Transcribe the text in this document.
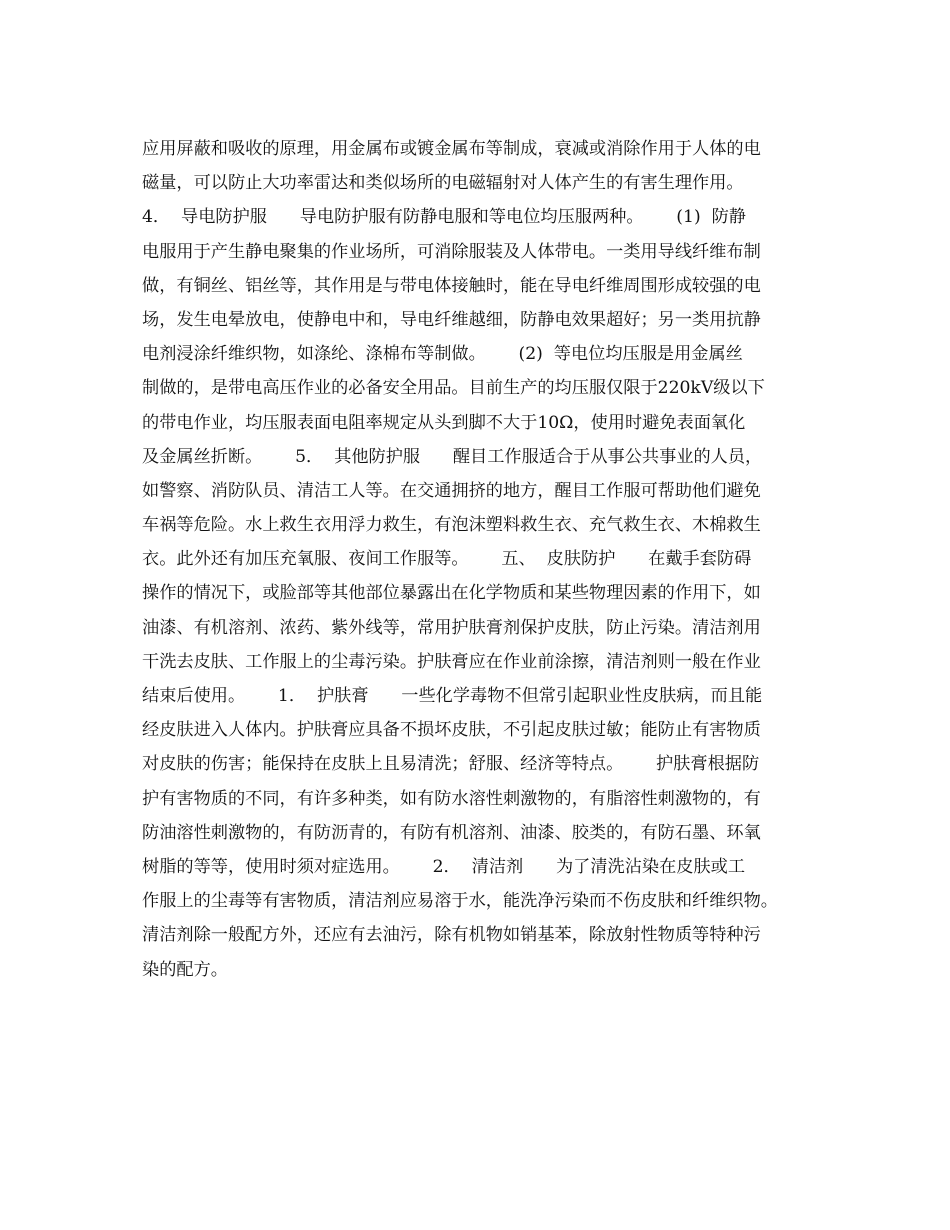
应用屏蔽和吸收的原理，用金属布或镀金属布等制成，衰减或消除作用于人体的电
磁量，可以防止大功率雷达和类似场所的电磁辐射对人体产生的有害生理作用。
4．  导电防护服      导电防护服有防静电服和等电位均压服两种。      (1)  防静
电服用于产生静电聚集的作业场所，可消除服装及人体带电。一类用导线纤维布制
做，有铜丝、铝丝等，其作用是与带电体接触时，能在导电纤维周围形成较强的电
场，发生电晕放电，使静电中和，导电纤维越细，防静电效果超好；另一类用抗静
电剂浸涂纤维织物，如涤纶、涤棉布等制做。      (2)  等电位均压服是用金属丝
制做的，是带电高压作业的必备安全用品。目前生产的均压服仅限于220kV级以下
的带电作业，均压服表面电阻率规定从头到脚不大于10Ω，使用时避免表面氧化
及金属丝折断。      5．  其他防护服      醒目工作服适合于从事公共事业的人员，
如警察、消防队员、清洁工人等。在交通拥挤的地方，醒目工作服可帮助他们避免
车祸等危险。水上救生衣用浮力救生，有泡沫塑料救生衣、充气救生衣、木棉救生
衣。此外还有加压充氧服、夜间工作服等。      五、  皮肤防护      在戴手套防碍
操作的情况下，或脸部等其他部位暴露出在化学物质和某些物理因素的作用下，如
油漆、有机溶剂、浓药、紫外线等，常用护肤膏剂保护皮肤，防止污染。清洁剂用
干洗去皮肤、工作服上的尘毒污染。护肤膏应在作业前涂擦，清洁剂则一般在作业
结束后使用。      1．  护肤膏      一些化学毒物不但常引起职业性皮肤病，而且能
经皮肤进入人体内。护肤膏应具备不损坏皮肤，不引起皮肤过敏；能防止有害物质
对皮肤的伤害；能保持在皮肤上且易清洗；舒服、经济等特点。      护肤膏根据防
护有害物质的不同，有许多种类，如有防水溶性刺激物的，有脂溶性刺激物的，有
防油溶性刺激物的，有防沥青的，有防有机溶剂、油漆、胶类的，有防石墨、环氧
树脂的等等，使用时须对症选用。      2．  清洁剂      为了清洗沾染在皮肤或工
作服上的尘毒等有害物质，清洁剂应易溶于水，能洗净污染而不伤皮肤和纤维织物。
清洁剂除一般配方外，还应有去油污，除有机物如销基苯，除放射性物质等特种污
染的配方。
